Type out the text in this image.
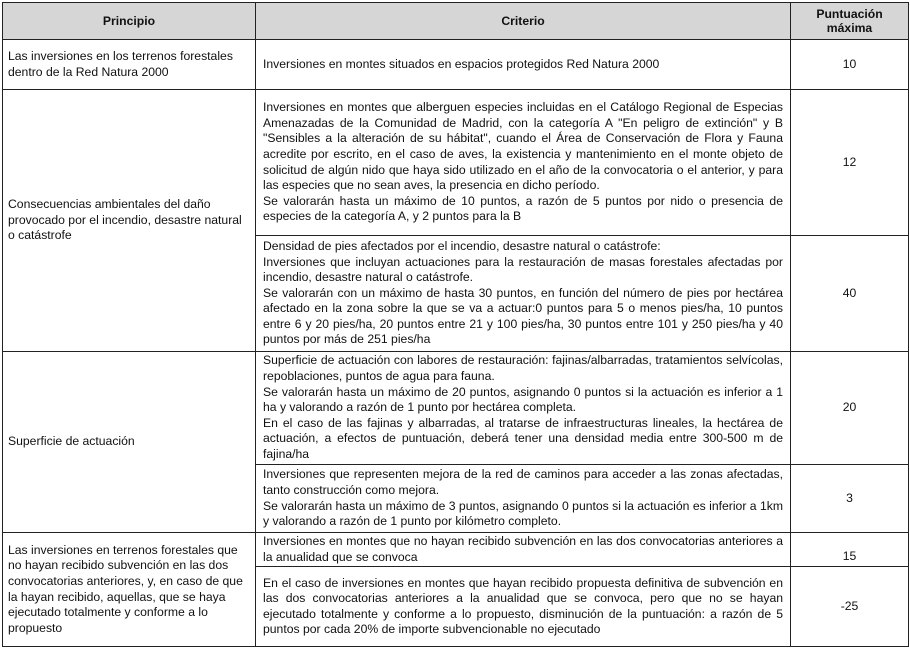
Principio	Criterio	Puntuación máxima
Las inversiones en los terrenos forestales dentro de la Red Natura 2000	Inversiones en montes situados en espacios protegidos Red Natura 2000	10
Consecuencias ambientales del daño provocado por el incendio, desastre natural o catástrofe	Inversiones en montes que alberguen especies incluidas en el Catálogo Regional de Especias Amenazadas de la Comunidad de Madrid, con la categoría A "En peligro de extinción" y B "Sensibles a la alteración de su hábitat", cuando el Área de Conservación de Flora y Fauna acredite por escrito, en el caso de aves, la existencia y mantenimiento en el monte objeto de solicitud de algún nido que haya sido utilizado en el año de la convocatoria o el anterior, y para las especies que no sean aves, la presencia en dicho período.
Se valorarán hasta un máximo de 10 puntos, a razón de 5 puntos por nido o presencia de especies de la categoría A, y 2 puntos para la B	12

	Densidad de pies afectados por el incendio, desastre natural o catástrofe:
Inversiones que incluyan actuaciones para la restauración de masas forestales afectadas por incendio, desastre natural o catástrofe.
Se valorarán con un máximo de hasta 30 puntos, en función del número de pies por hectárea afectado en la zona sobre la que se va a actuar:0 puntos para 5 o menos pies/ha, 10 puntos entre 6 y 20 pies/ha, 20 puntos entre 21 y 100 pies/ha, 30 puntos entre 101 y 250 pies/ha y 40 puntos por más de 251 pies/ha	40
Superficie de actuación	Superficie de actuación con labores de restauración: fajinas/albarradas, tratamientos selvícolas, repoblaciones, puntos de agua para fauna.
Se valorarán hasta un máximo de 20 puntos, asignando 0 puntos si la actuación es inferior a 1 ha y valorando a razón de 1 punto por hectárea completa.
En el caso de las fajinas y albarradas, al tratarse de infraestructuras lineales, la hectárea de actuación, a efectos de puntuación, deberá tener una densidad media entre 300-500 m de fajina/ha	20

	Inversiones que representen mejora de la red de caminos para acceder a las zonas afectadas, tanto construcción como mejora.
Se valorarán hasta un máximo de 3 puntos, asignando 0 puntos si la actuación es inferior a 1km y valorando a razón de 1 punto por kilómetro completo.	3
Las inversiones en terrenos forestales que no hayan recibido subvención en las dos convocatorias anteriores, y, en caso de que la hayan recibido, aquellas, que se haya ejecutado totalmente y conforme a lo propuesto	Inversiones en montes que no hayan recibido subvención en las dos convocatorias anteriores a la anualidad que se convoca	15

	En el caso de inversiones en montes que hayan recibido propuesta definitiva de subvención en las dos convocatorias anteriores a la anualidad que se convoca, pero que no se hayan ejecutado totalmente y conforme a lo propuesto, disminución de la puntuación: a razón de 5 puntos por cada 20% de importe subvencionable no ejecutado	-25
